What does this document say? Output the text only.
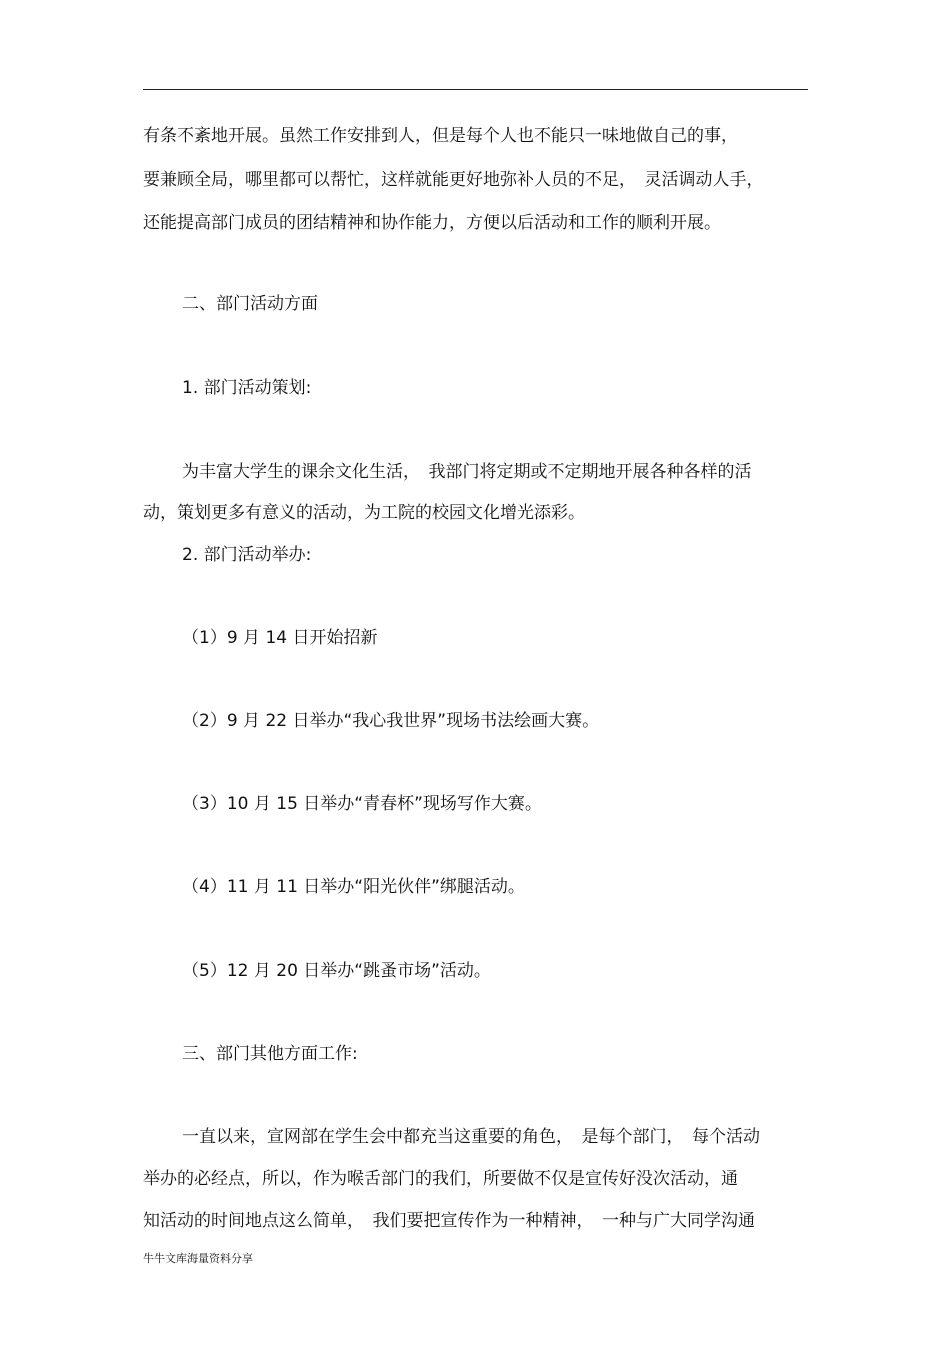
有条不紊地开展。虽然工作安排到人，但是每个人也不能只一味地做自己的事，
要兼顾全局，哪里都可以帮忙，这样就能更好地弥补人员的不足，　灵活调动人手，
还能提高部门成员的团结精神和协作能力，方便以后活动和工作的顺利开展。
二、部门活动方面
1. 部门活动策划:
为丰富大学生的课余文化生活，　我部门将定期或不定期地开展各种各样的活
动，策划更多有意义的活动，为工院的校园文化增光添彩。
2. 部门活动举办:
（1）9 月 14 日开始招新
（2）9 月 22 日举办“我心我世界”现场书法绘画大赛。
（3）10 月 15 日举办“青春杯”现场写作大赛。
（4）11 月 11 日举办“阳光伙伴”绑腿活动。
（5）12 月 20 日举办“跳蚤市场”活动。
三、部门其他方面工作:
一直以来，宣网部在学生会中都充当这重要的角色，　是每个部门，　每个活动
举办的必经点，所以，作为喉舌部门的我们，所要做不仅是宣传好没次活动，通
知活动的时间地点这么简单，　我们要把宣传作为一种精神，　一种与广大同学沟通
牛牛文库海量资料分享
